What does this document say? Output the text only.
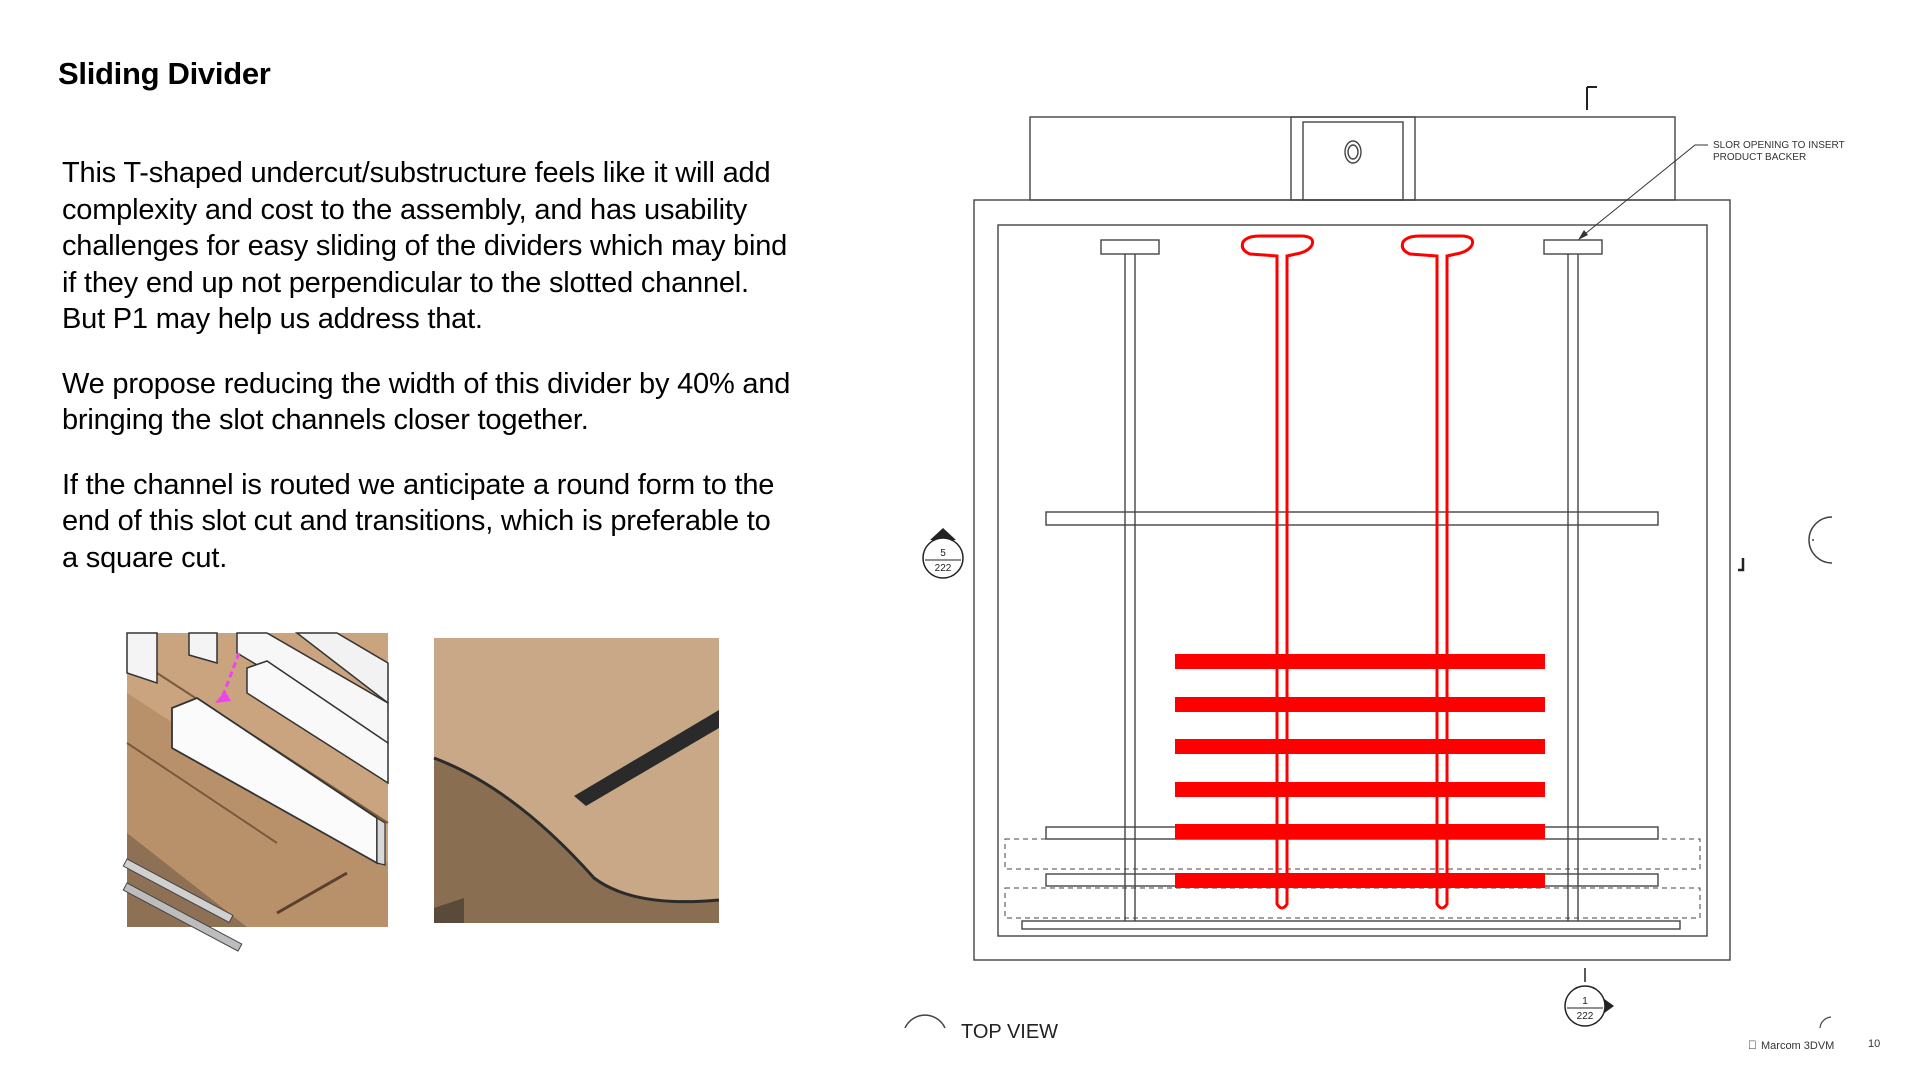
Sliding Divider

This T-shaped undercut/substructure feels like it will add complexity and cost to the assembly, and has usability challenges for easy sliding of the dividers which may bind if they end up not perpendicular to the slotted channel. But P1 may help us address that.

We propose reducing the width of this divider by 40% and bringing the slot channels closer together.

If the channel is routed we anticipate a round form to the end of this slot cut and transitions, which is preferable to a square cut.

SLOR OPENING TO INSERT
PRODUCT BACKER
5
222
1
222
TOP VIEW
Marcom 3DVM	10
